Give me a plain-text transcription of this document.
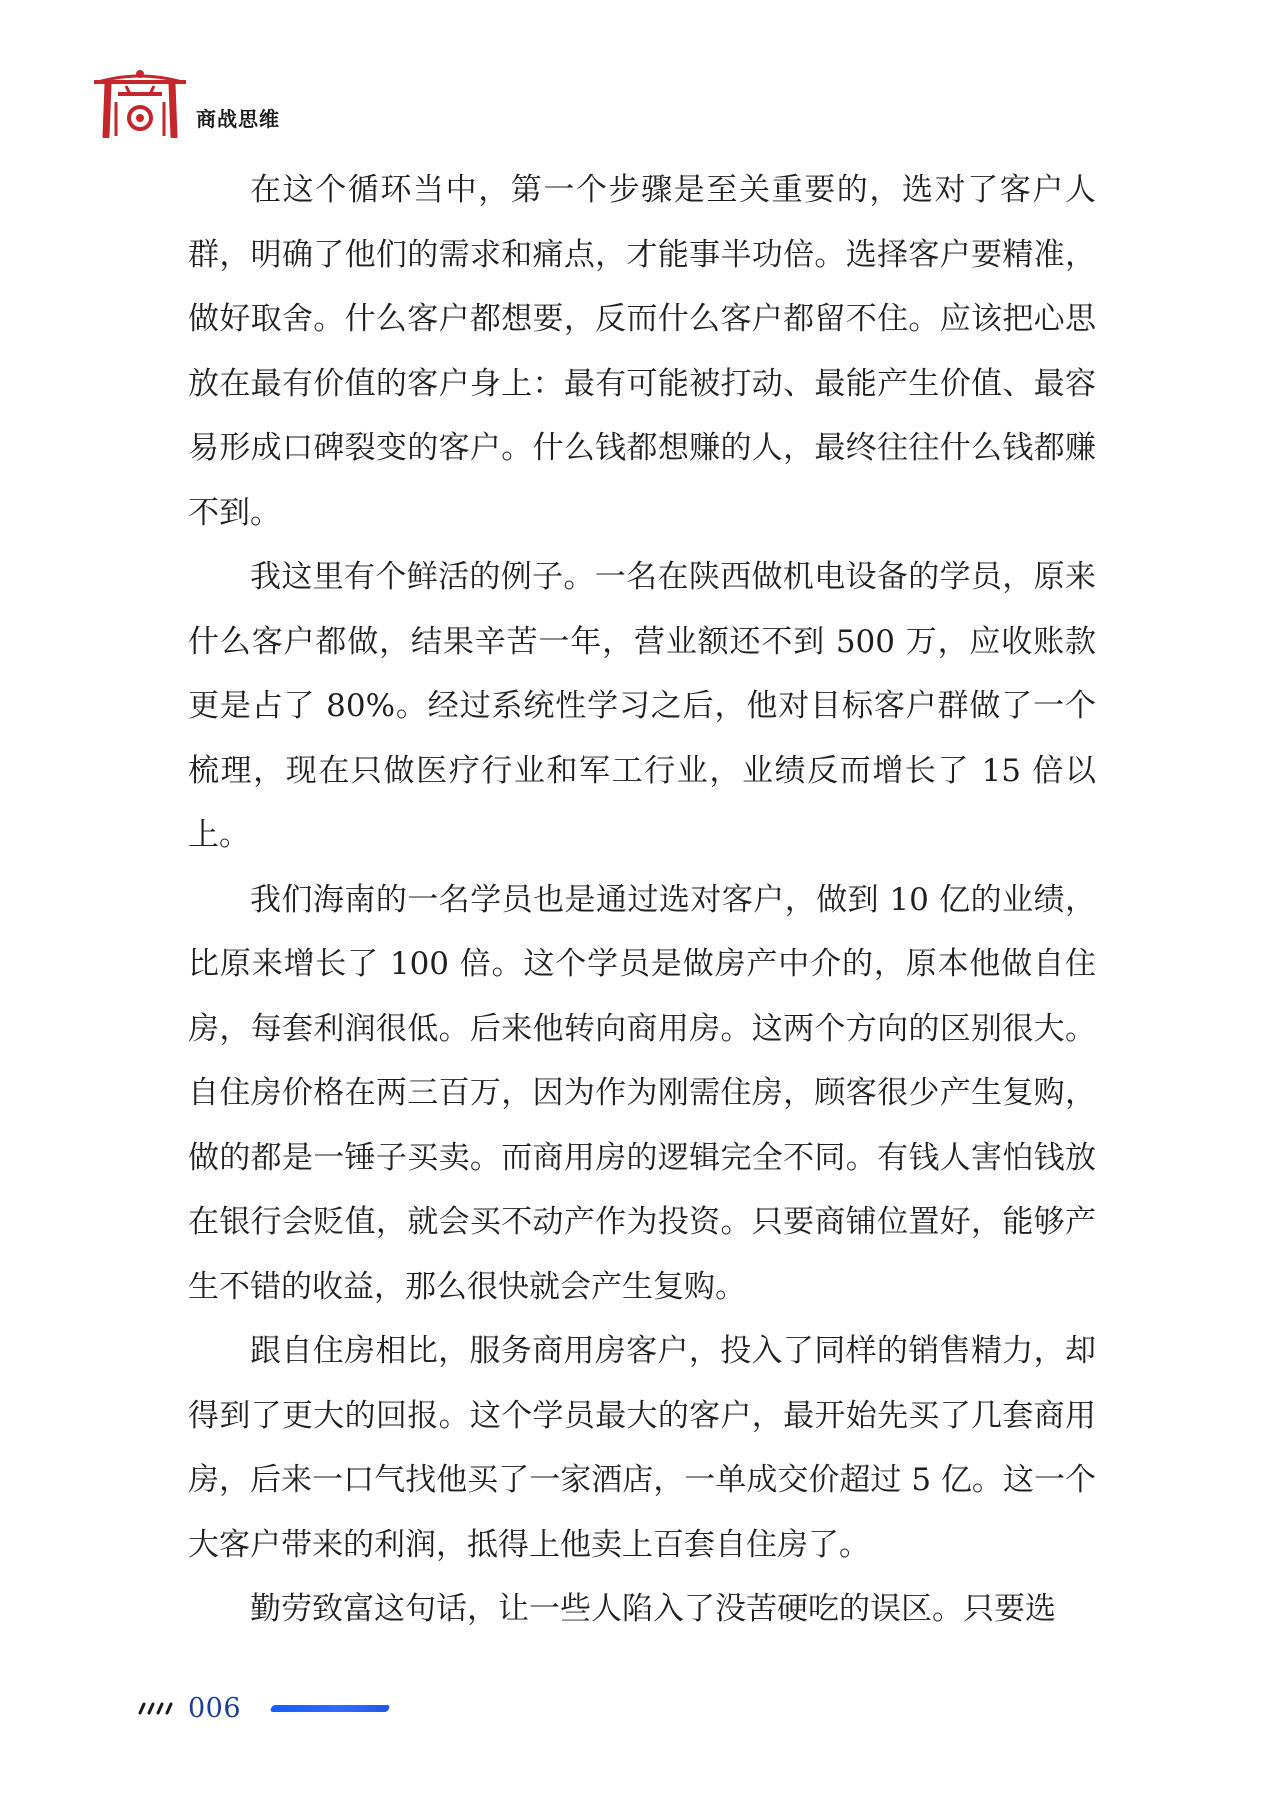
商战思维

在这个循环当中，第一个步骤是至关重要的，选对了客户人群，明确了他们的需求和痛点，才能事半功倍。选择客户要精准，做好取舍。什么客户都想要，反而什么客户都留不住。应该把心思放在最有价值的客户身上：最有可能被打动、最能产生价值、最容易形成口碑裂变的客户。什么钱都想赚的人，最终往往什么钱都赚不到。

我这里有个鲜活的例子。一名在陕西做机电设备的学员，原来什么客户都做，结果辛苦一年，营业额还不到 500 万，应收账款更是占了 80%。经过系统性学习之后，他对目标客户群做了一个梳理，现在只做医疗行业和军工行业，业绩反而增长了 15 倍以上。

我们海南的一名学员也是通过选对客户，做到 10 亿的业绩，比原来增长了 100 倍。这个学员是做房产中介的，原本他做自住房，每套利润很低。后来他转向商用房。这两个方向的区别很大。自住房价格在两三百万，因为作为刚需住房，顾客很少产生复购，做的都是一锤子买卖。而商用房的逻辑完全不同。有钱人害怕钱放在银行会贬值，就会买不动产作为投资。只要商铺位置好，能够产生不错的收益，那么很快就会产生复购。

跟自住房相比，服务商用房客户，投入了同样的销售精力，却得到了更大的回报。这个学员最大的客户，最开始先买了几套商用房，后来一口气找他买了一家酒店，一单成交价超过 5 亿。这一个大客户带来的利润，抵得上他卖上百套自住房了。

勤劳致富这句话，让一些人陷入了没苦硬吃的误区。只要选

006
